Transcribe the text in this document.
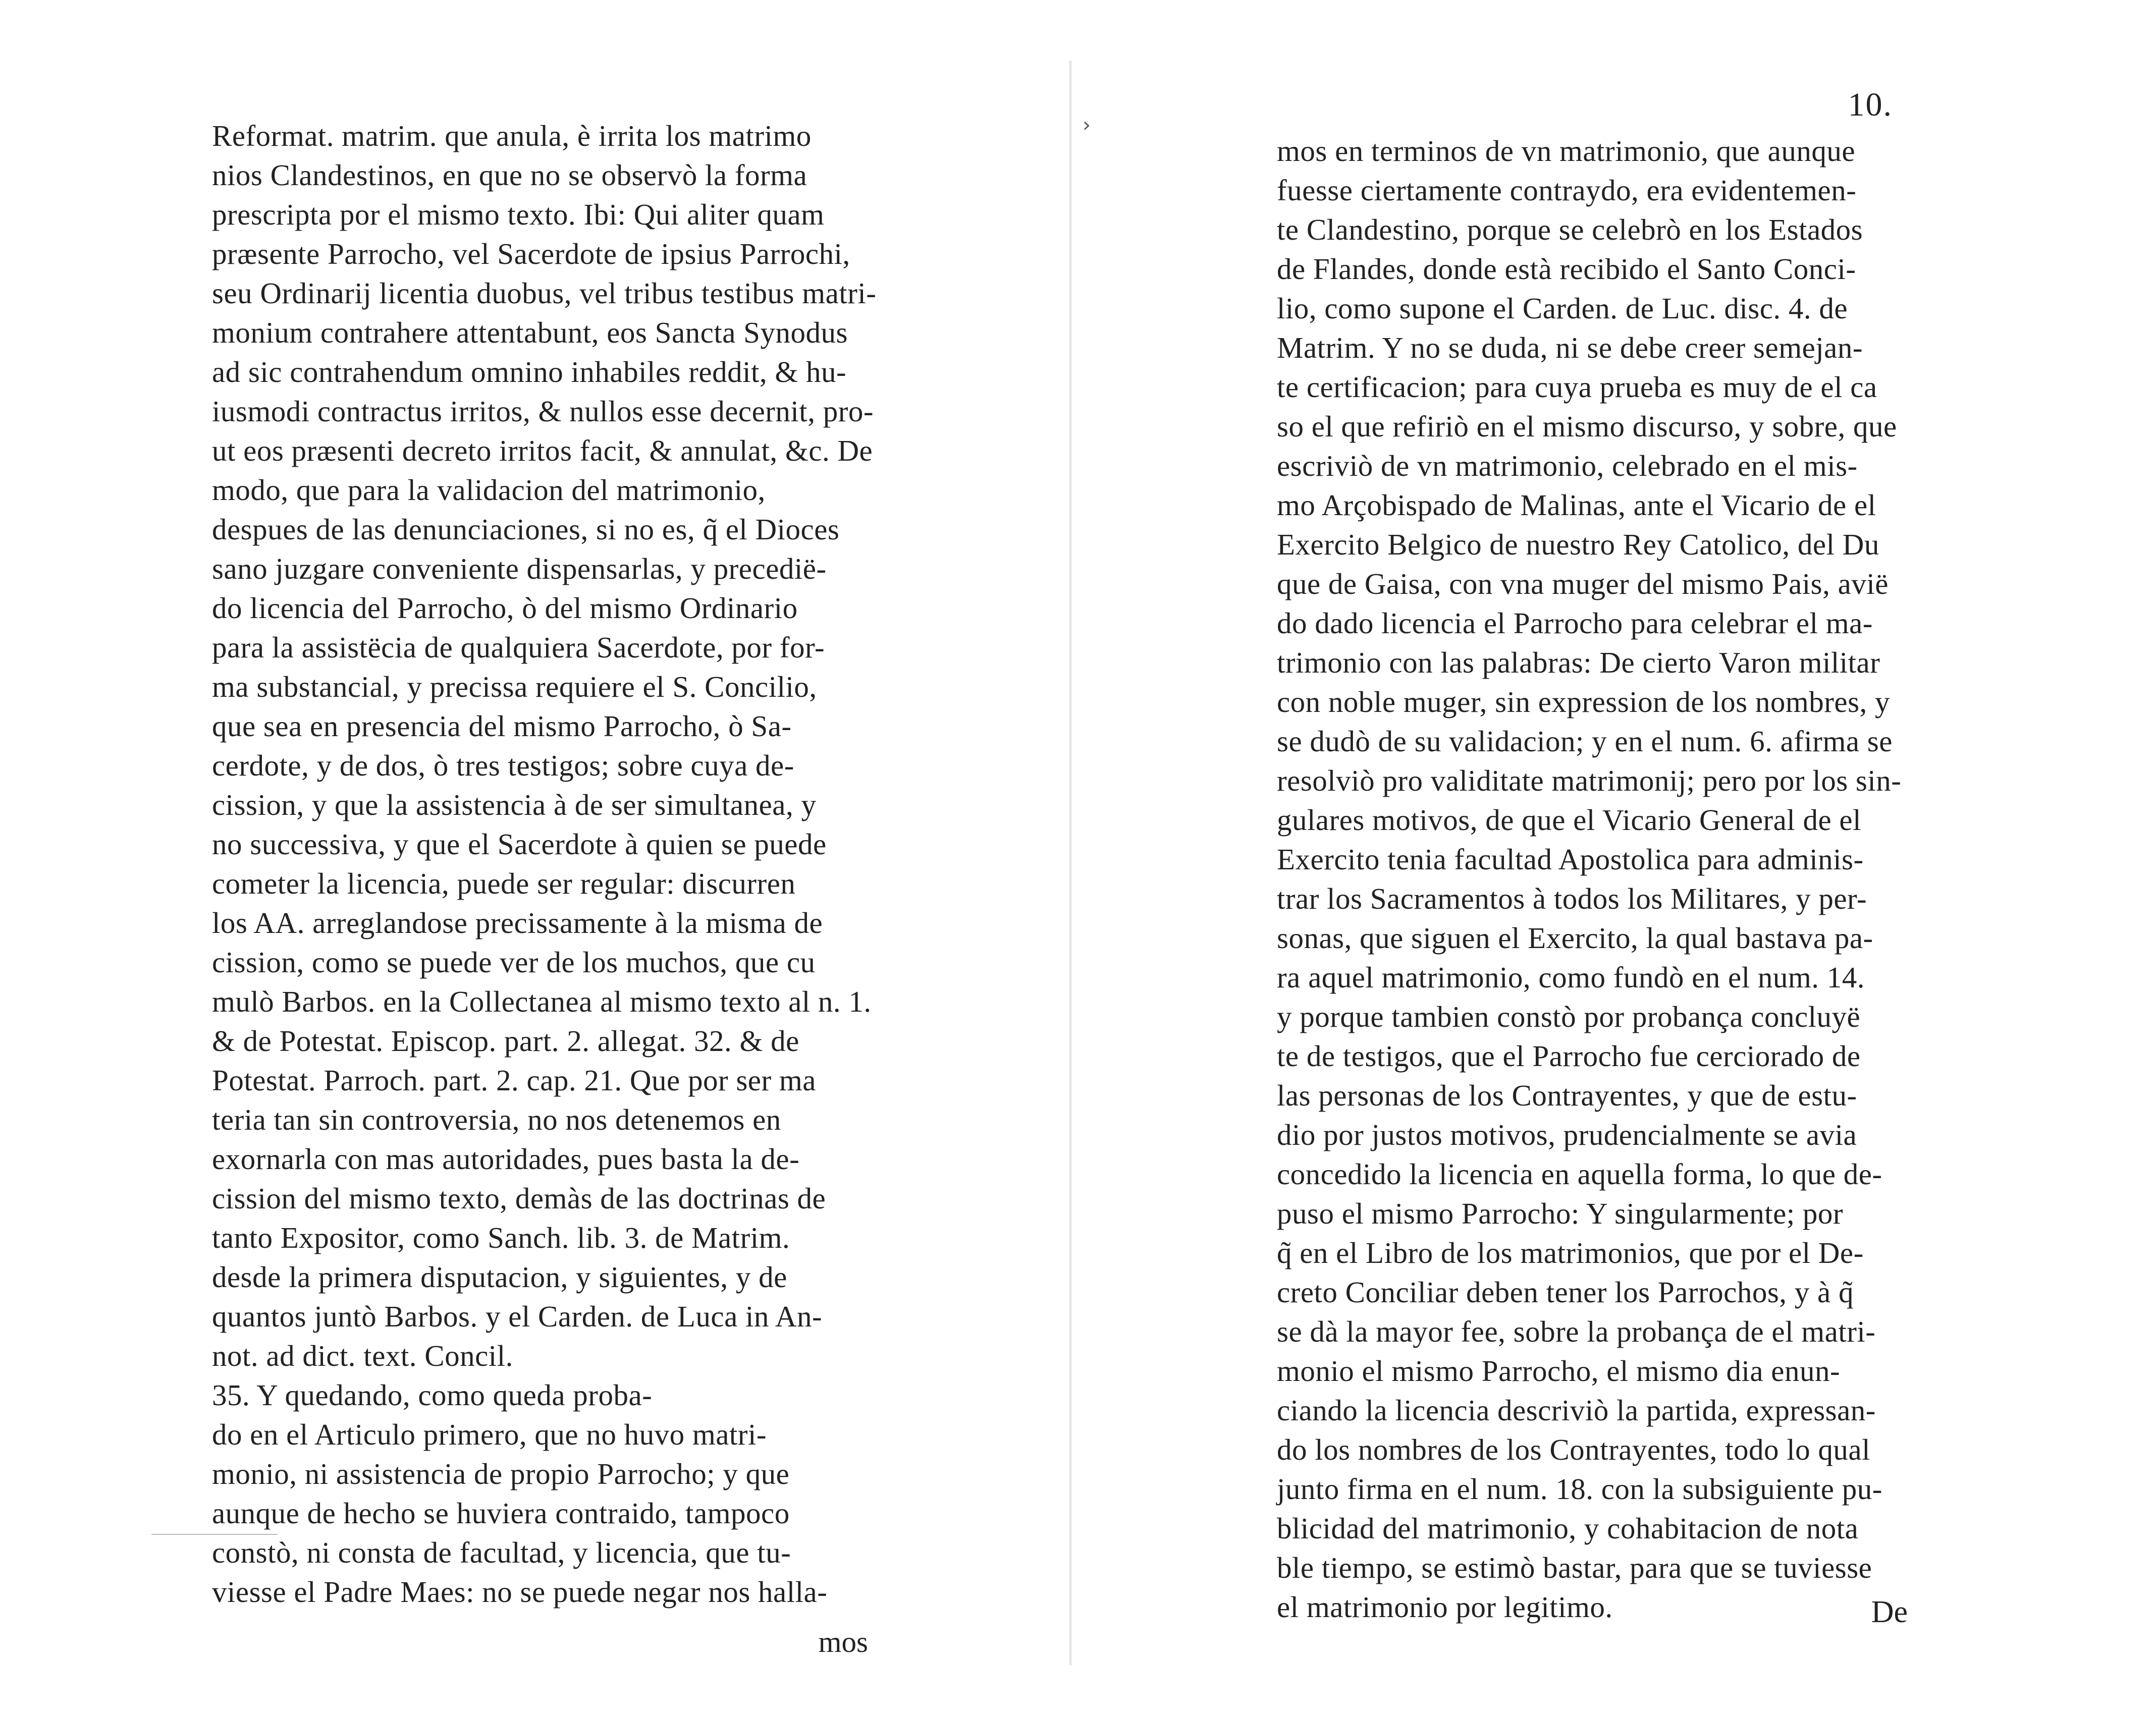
›
Reformat. matrim. que anula, è irrita los matrimo
nios Clandestinos, en que no se observò la forma
prescripta por el mismo texto. Ibi: Qui aliter quam
præsente Parrocho, vel Sacerdote de ipsius Parrochi,
seu Ordinarij licentia duobus, vel tribus testibus matri-
monium contrahere attentabunt, eos Sancta Synodus
ad sic contrahendum omnino inhabiles reddit, & hu-
iusmodi contractus irritos, & nullos esse decernit, pro-
ut eos præsenti decreto irritos facit, & annulat, &c. De
modo, que para la validacion del matrimonio,
despues de las denunciaciones, si no es, q̃ el Dioces
sano juzgare conveniente dispensarlas, y precedië-
do licencia del Parrocho, ò del mismo Ordinario
para la assistëcia de qualquiera Sacerdote, por for-
ma substancial, y precissa requiere el S. Concilio,
que sea en presencia del mismo Parrocho, ò Sa-
cerdote, y de dos, ò tres testigos; sobre cuya de-
cission, y que la assistencia à de ser simultanea, y
no successiva, y que el Sacerdote à quien se puede
cometer la licencia, puede ser regular: discurren
los AA. arreglandose precissamente à la misma de
cission, como se puede ver de los muchos, que cu
mulò Barbos. en la Collectanea al mismo texto al n. 1.
& de Potestat. Episcop. part. 2. allegat. 32. & de
Potestat. Parroch. part. 2. cap. 21. Que por ser ma
teria tan sin controversia, no nos detenemos en
exornarla con mas autoridades, pues basta la de-
cission del mismo texto, demàs de las doctrinas de
tanto Expositor, como Sanch. lib. 3. de Matrim.
desde la primera disputacion, y siguientes, y de
quantos juntò Barbos. y el Carden. de Luca in An-
not. ad dict. text. Concil.
35. Y quedando, como queda proba-
do en el Articulo primero, que no huvo matri-
monio, ni assistencia de propio Parrocho; y que
aunque de hecho se huviera contraido, tampoco
constò, ni consta de facultad, y licencia, que tu-
viesse el Padre Maes: no se puede negar nos halla-
mos
10.
mos en terminos de vn matrimonio, que aunque
fuesse ciertamente contraydo, era evidentemen-
te Clandestino, porque se celebrò en los Estados
de Flandes, donde està recibido el Santo Conci-
lio, como supone el Carden. de Luc. disc. 4. de
Matrim. Y no se duda, ni se debe creer semejan-
te certificacion; para cuya prueba es muy de el ca
so el que refiriò en el mismo discurso, y sobre, que
escriviò de vn matrimonio, celebrado en el mis-
mo Arçobispado de Malinas, ante el Vicario de el
Exercito Belgico de nuestro Rey Catolico, del Du
que de Gaisa, con vna muger del mismo Pais, avië
do dado licencia el Parrocho para celebrar el ma-
trimonio con las palabras: De cierto Varon militar
con noble muger, sin expression de los nombres, y
se dudò de su validacion; y en el num. 6. afirma se
resolviò pro validitate matrimonij; pero por los sin-
gulares motivos, de que el Vicario General de el
Exercito tenia facultad Apostolica para adminis-
trar los Sacramentos à todos los Militares, y per-
sonas, que siguen el Exercito, la qual bastava pa-
ra aquel matrimonio, como fundò en el num. 14.
y porque tambien constò por probança concluyë
te de testigos, que el Parrocho fue cerciorado de
las personas de los Contrayentes, y que de estu-
dio por justos motivos, prudencialmente se avia
concedido la licencia en aquella forma, lo que de-
puso el mismo Parrocho: Y singularmente; por
q̃ en el Libro de los matrimonios, que por el De-
creto Conciliar deben tener los Parrochos, y à q̃
se dà la mayor fee, sobre la probança de el matri-
monio el mismo Parrocho, el mismo dia enun-
ciando la licencia descriviò la partida, expressan-
do los nombres de los Contrayentes, todo lo qual
junto firma en el num. 18. con la subsiguiente pu-
blicidad del matrimonio, y cohabitacion de nota
ble tiempo, se estimò bastar, para que se tuviesse
el matrimonio por legitimo.	De
